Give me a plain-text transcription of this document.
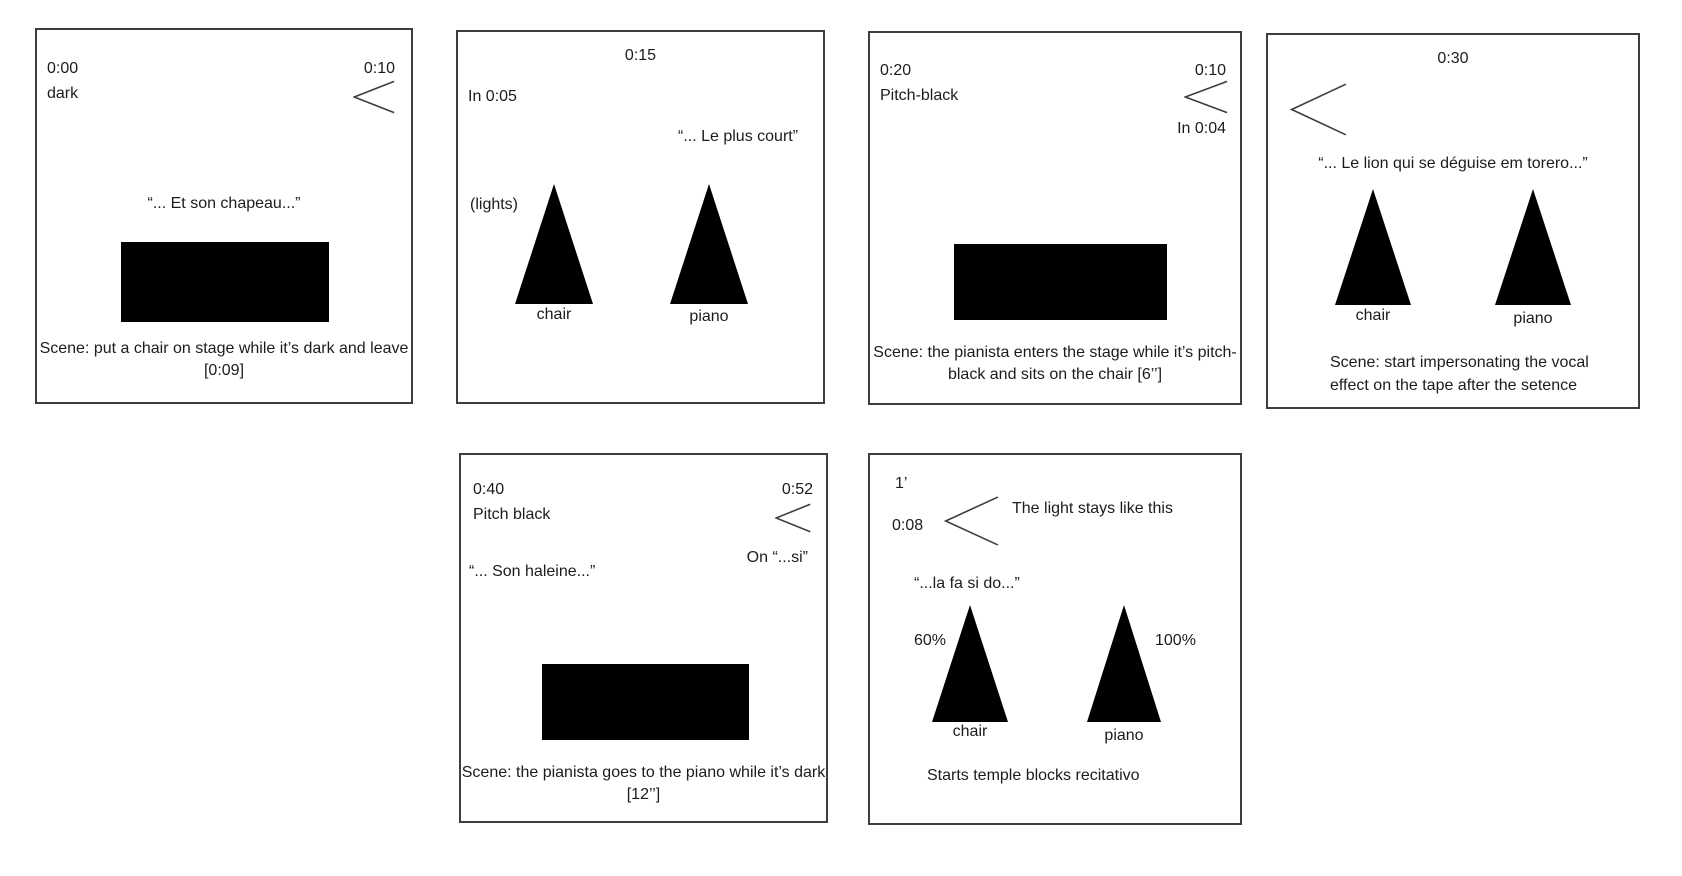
0:00
dark
0:10
“... Et son chapeau...”
Scene: put a chair on stage while it’s dark and leave
[0:09]
0:15
In 0:05
“... Le plus court”
(lights)
chair	piano
0:20
Pitch-black
0:10
In 0:04
Scene: the pianista enters the stage while it’s pitch-
black and sits on the chair [6’’]
0:30
“... Le lion qui se déguise em torero...”
chair	piano
Scene: start impersonating the vocal
effect on the tape after the setence
0:40
Pitch black
0:52
On “...si”
“... Son haleine...”
Scene: the pianista goes to the piano while it’s dark
[12’’]
1’
0:08
The light stays like this
“...la fa si do...”
60%
chair	piano
100%
Starts temple blocks recitativo
